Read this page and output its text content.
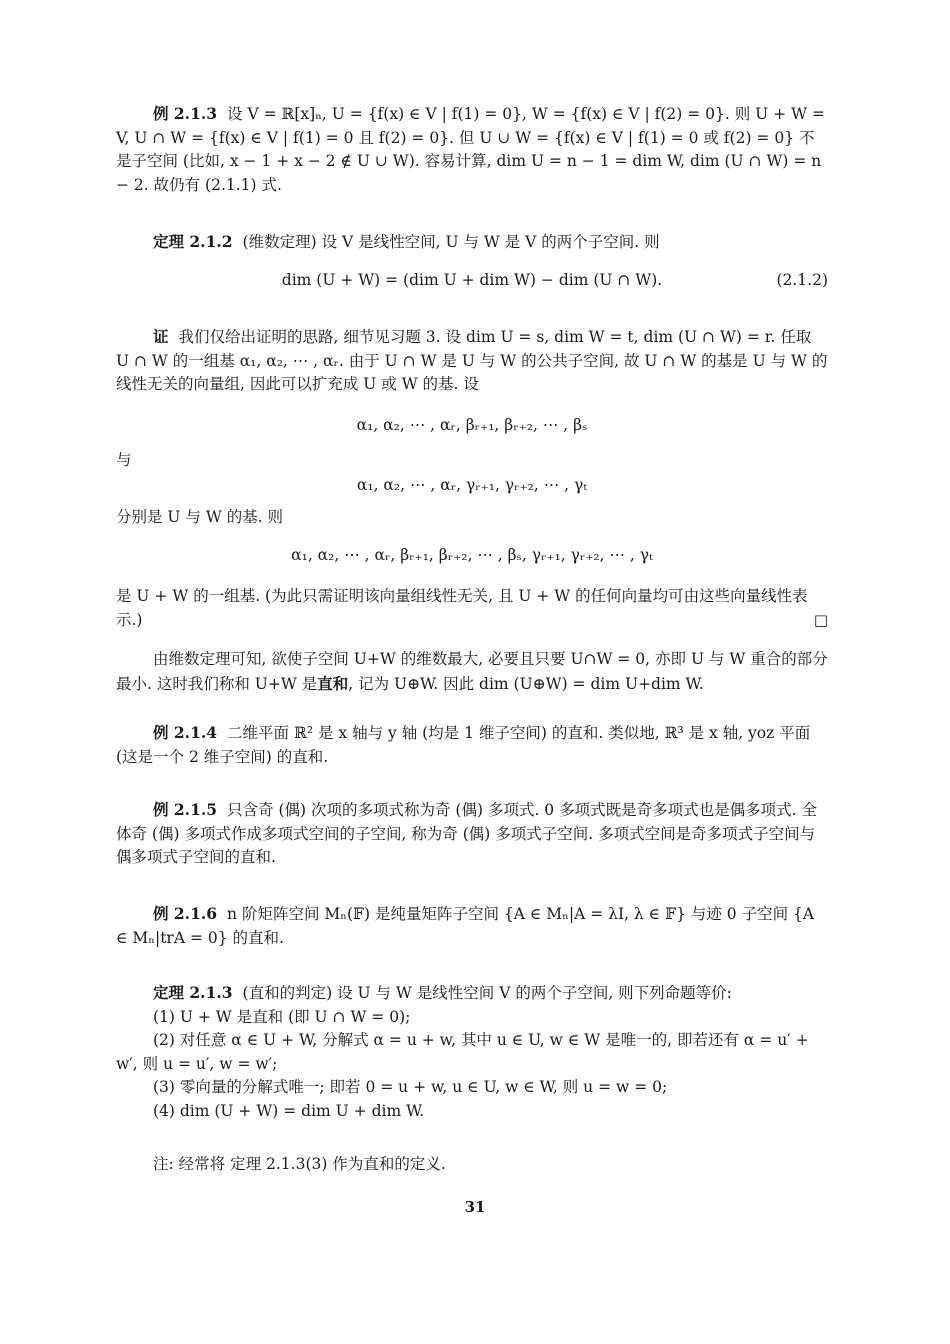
例 2.1.3 设 V = ℝ[x]ₙ, U = {f(x) ∈ V | f(1) = 0}, W = {f(x) ∈ V | f(2) = 0}. 则 U + W = V, U ∩ W = {f(x) ∈ V | f(1) = 0 且 f(2) = 0}. 但 U ∪ W = {f(x) ∈ V | f(1) = 0 或 f(2) = 0} 不是子空间 (比如, x − 1 + x − 2 ∉ U ∪ W). 容易计算, dim U = n − 1 = dim W, dim (U ∩ W) = n − 2. 故仍有 (2.1.1) 式.
定理 2.1.2 (维数定理) 设 V 是线性空间, U 与 W 是 V 的两个子空间. 则
dim (U + W) = (dim U + dim W) − dim (U ∩ W).	(2.1.2)
证 我们仅给出证明的思路, 细节见习题 3. 设 dim U = s, dim W = t, dim (U ∩ W) = r. 任取 U ∩ W 的一组基 α₁, α₂, ⋯ , αᵣ. 由于 U ∩ W 是 U 与 W 的公共子空间, 故 U ∩ W 的基是 U 与 W 的线性无关的向量组, 因此可以扩充成 U 或 W 的基. 设
α₁, α₂, ⋯ , αᵣ, βᵣ₊₁, βᵣ₊₂, ⋯ , βₛ
与
α₁, α₂, ⋯ , αᵣ, γᵣ₊₁, γᵣ₊₂, ⋯ , γₜ
分别是 U 与 W 的基. 则
α₁, α₂, ⋯ , αᵣ, βᵣ₊₁, βᵣ₊₂, ⋯ , βₛ, γᵣ₊₁, γᵣ₊₂, ⋯ , γₜ
是 U + W 的一组基. (为此只需证明该向量组线性无关, 且 U + W 的任何向量均可由这些向量线性表示.)	□
由维数定理可知, 欲使子空间 U+W 的维数最大, 必要且只要 U∩W = 0, 亦即 U 与 W 重合的部分最小. 这时我们称和 U+W 是直和, 记为 U⊕W. 因此 dim (U⊕W) = dim U+dim W.
例 2.1.4 二维平面 ℝ² 是 x 轴与 y 轴 (均是 1 维子空间) 的直和. 类似地, ℝ³ 是 x 轴, yoz 平面 (这是一个 2 维子空间) 的直和.
例 2.1.5 只含奇 (偶) 次项的多项式称为奇 (偶) 多项式. 0 多项式既是奇多项式也是偶多项式. 全体奇 (偶) 多项式作成多项式空间的子空间, 称为奇 (偶) 多项式子空间. 多项式空间是奇多项式子空间与偶多项式子空间的直和.
例 2.1.6 n 阶矩阵空间 Mₙ(𝔽) 是纯量矩阵子空间 {A ∈ Mₙ|A = λI, λ ∈ 𝔽} 与迹 0 子空间 {A ∈ Mₙ|trA = 0} 的直和.
定理 2.1.3 (直和的判定) 设 U 与 W 是线性空间 V 的两个子空间, 则下列命题等价:
(1) U + W 是直和 (即 U ∩ W = 0);
(2) 对任意 α ∈ U + W, 分解式 α = u + w, 其中 u ∈ U, w ∈ W 是唯一的, 即若还有 α = u′ + w′, 则 u = u′, w = w′;
(3) 零向量的分解式唯一; 即若 0 = u + w, u ∈ U, w ∈ W, 则 u = w = 0;
(4) dim (U + W) = dim U + dim W.
注: 经常将 定理 2.1.3(3) 作为直和的定义.
31
